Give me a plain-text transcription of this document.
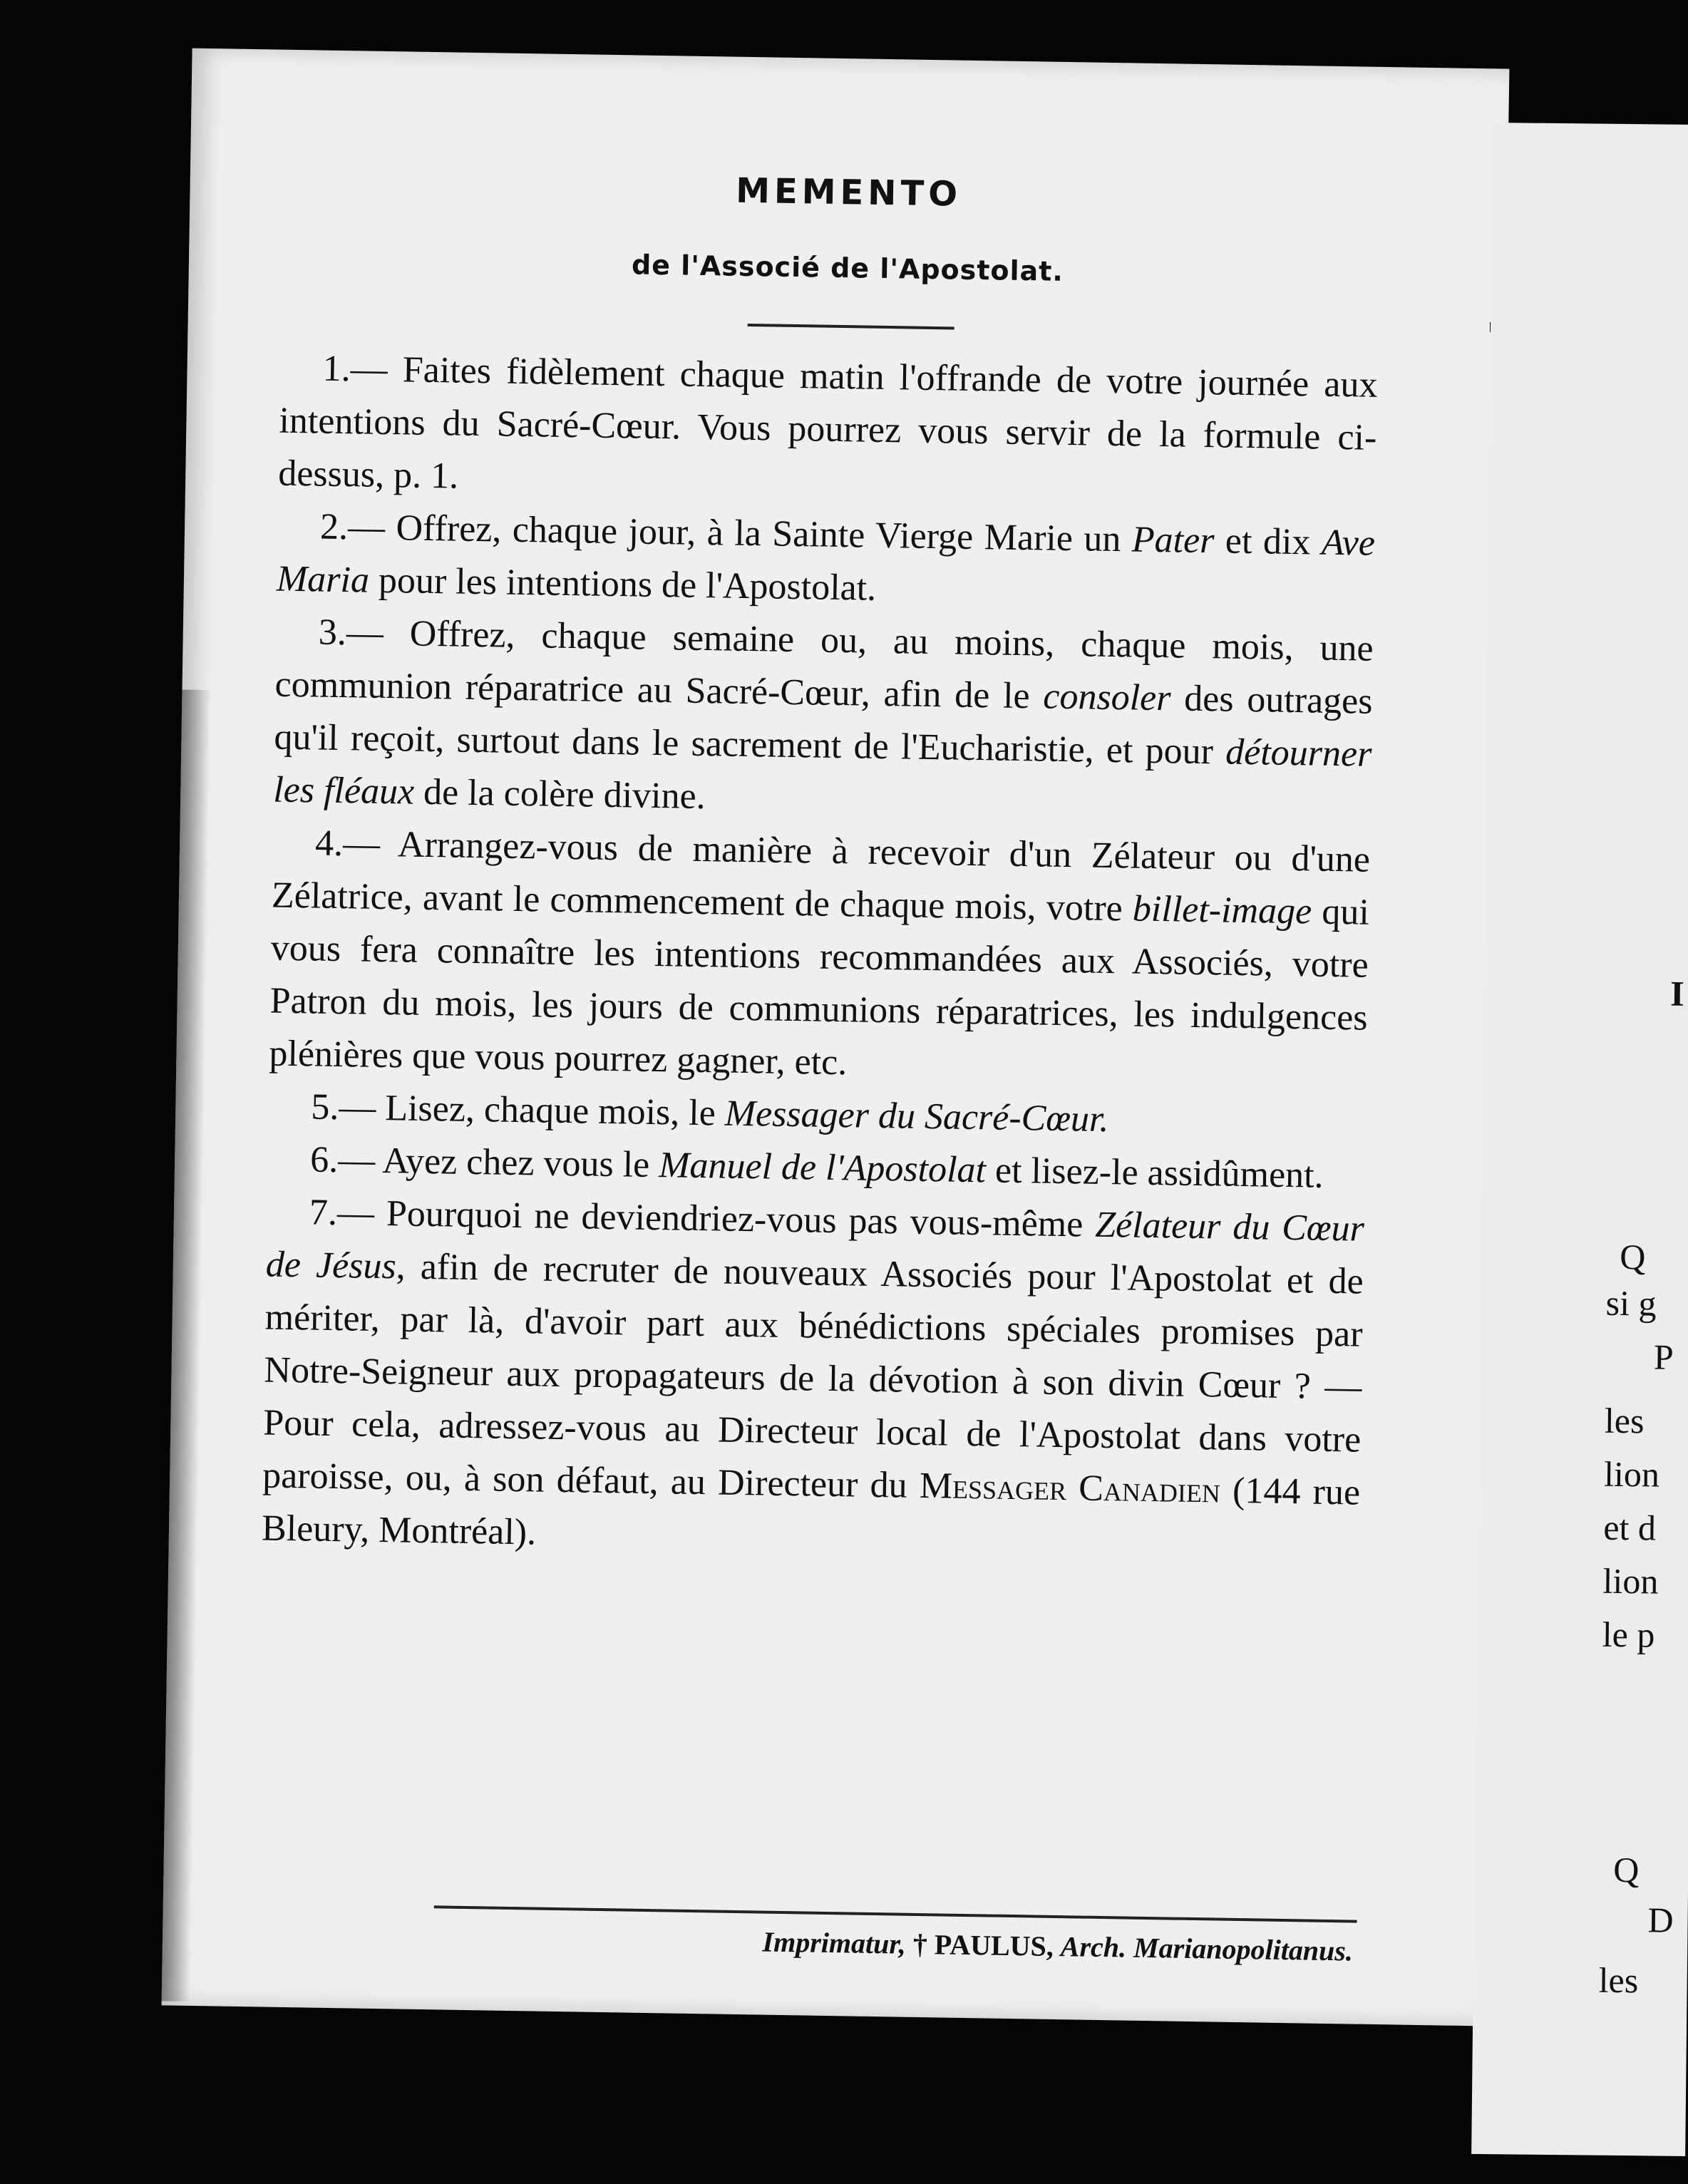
MEMENTO
de l'Associé de l'Apostolat.

1.— Faites fidèlement chaque matin l'offrande de votre journée aux intentions du Sacré-Cœur. Vous pourrez vous servir de la formule ci-dessus, p. 1.

2.— Offrez, chaque jour, à la Sainte Vierge Marie un Pater et dix Ave Maria pour les intentions de l'Apostolat.

3.— Offrez, chaque semaine ou, au moins, chaque mois, une communion réparatrice au Sacré-Cœur, afin de le consoler des outrages qu'il reçoit, surtout dans le sacrement de l'Eucharistie, et pour détourner les fléaux de la colère divine.

4.— Arrangez-vous de manière à recevoir d'un Zélateur ou d'une Zélatrice, avant le commencement de chaque mois, votre billet-image qui vous fera connaître les intentions recommandées aux Associés, votre Patron du mois, les jours de communions réparatrices, les indulgences plénières que vous pourrez gagner, etc.

5.— Lisez, chaque mois, le Messager du Sacré-Cœur.

6.— Ayez chez vous le Manuel de l'Apostolat et lisez-le assidûment.

7.— Pourquoi ne deviendriez-vous pas vous-même Zélateur du Cœur de Jésus, afin de recruter de nouveaux Associés pour l'Apostolat et de mériter, par là, d'avoir part aux bénédictions spéciales promises par Notre-Seigneur aux propagateurs de la dévotion à son divin Cœur ? — Pour cela, adressez-vous au Directeur local de l'Apostolat dans votre paroisse, ou, à son défaut, au Directeur du Messager Canadien (144 rue Bleury, Montréal).

Imprimatur, † PAULUS, Arch. Marianopolitanus.
I
Q
si g
P
les
lion
et d
lion
le p
Q
D
les
